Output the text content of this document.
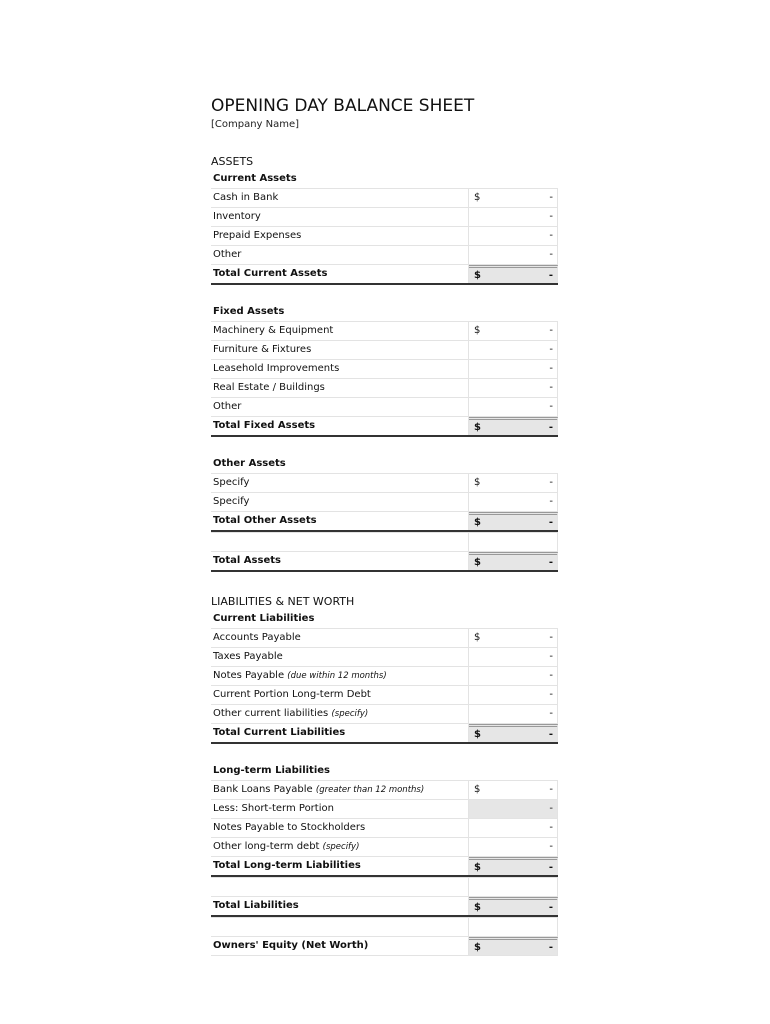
OPENING DAY BALANCE SHEET
[Company Name]
ASSETS
Current Assets
Cash in Bank	$	-
Inventory	-
Prepaid Expenses	-
Other	-
Total Current Assets	$	-
Fixed Assets
Machinery & Equipment	$	-
Furniture & Fixtures	-
Leasehold Improvements	-
Real Estate / Buildings	-
Other	-
Total Fixed Assets	$	-
Other Assets
Specify	$	-
Specify	-
Total Other Assets	$	-
Total Assets	$	-
LIABILITIES & NET WORTH
Current Liabilities
Accounts Payable	$	-
Taxes Payable	-
Notes Payable (due within 12 months)	-
Current Portion Long-term Debt	-
Other current liabilities (specify)	-
Total Current Liabilities	$	-
Long-term Liabilities
Bank Loans Payable (greater than 12 months)	$	-
Less: Short-term Portion	-
Notes Payable to Stockholders	-
Other long-term debt (specify)	-
Total Long-term Liabilities	$	-
Total Liabilities	$	-
Owners' Equity (Net Worth)	$	-
